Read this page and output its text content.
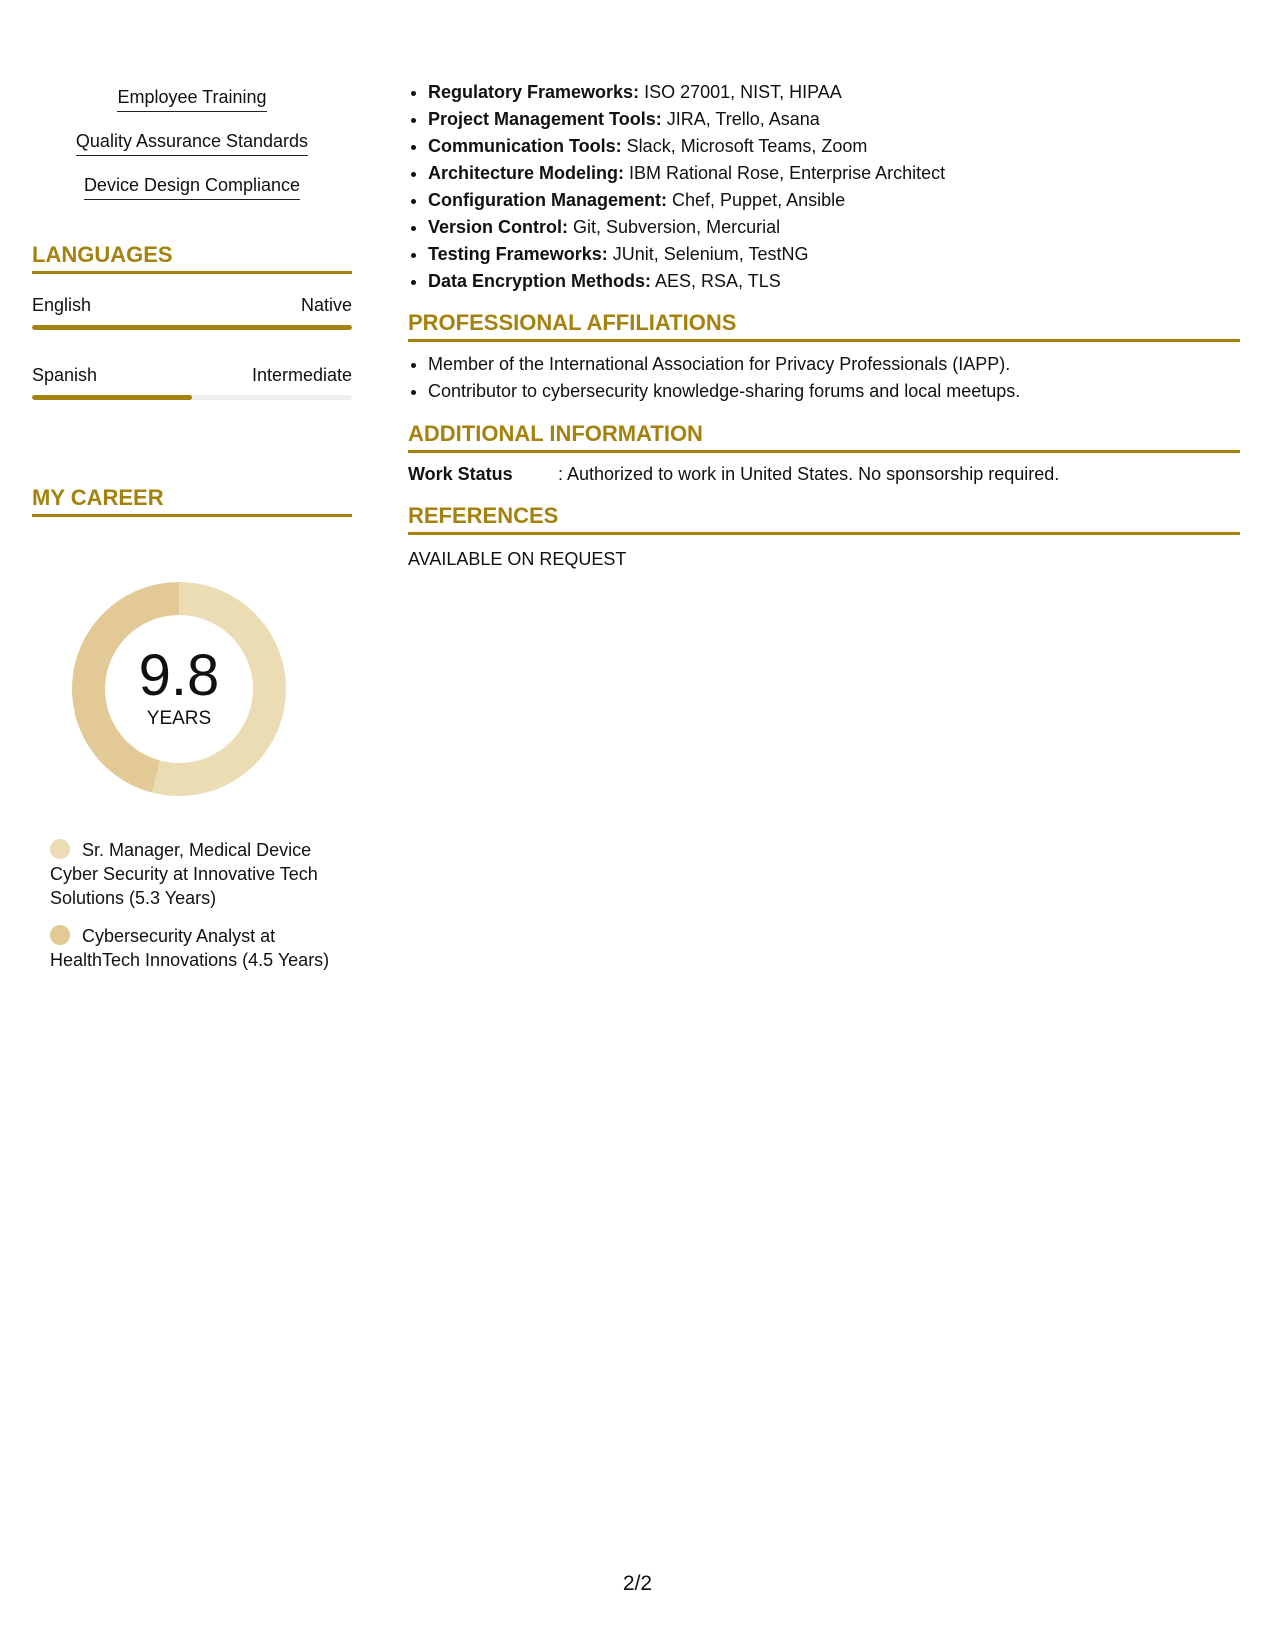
Employee Training
Quality Assurance Standards
Device Design Compliance
LANGUAGES
English	Native
Spanish	Intermediate
MY CAREER
9.8
YEARS
Sr. Manager, Medical Device Cyber Security at Innovative Tech Solutions (5.3 Years)
Cybersecurity Analyst at HealthTech Innovations (4.5 Years)
• Regulatory Frameworks: ISO 27001, NIST, HIPAA
• Project Management Tools: JIRA, Trello, Asana
• Communication Tools: Slack, Microsoft Teams, Zoom
• Architecture Modeling: IBM Rational Rose, Enterprise Architect
• Configuration Management: Chef, Puppet, Ansible
• Version Control: Git, Subversion, Mercurial
• Testing Frameworks: JUnit, Selenium, TestNG
• Data Encryption Methods: AES, RSA, TLS
PROFESSIONAL AFFILIATIONS
• Member of the International Association for Privacy Professionals (IAPP).
• Contributor to cybersecurity knowledge-sharing forums and local meetups.
ADDITIONAL INFORMATION
Work Status	: Authorized to work in United States. No sponsorship required.
REFERENCES
AVAILABLE ON REQUEST
2/2
